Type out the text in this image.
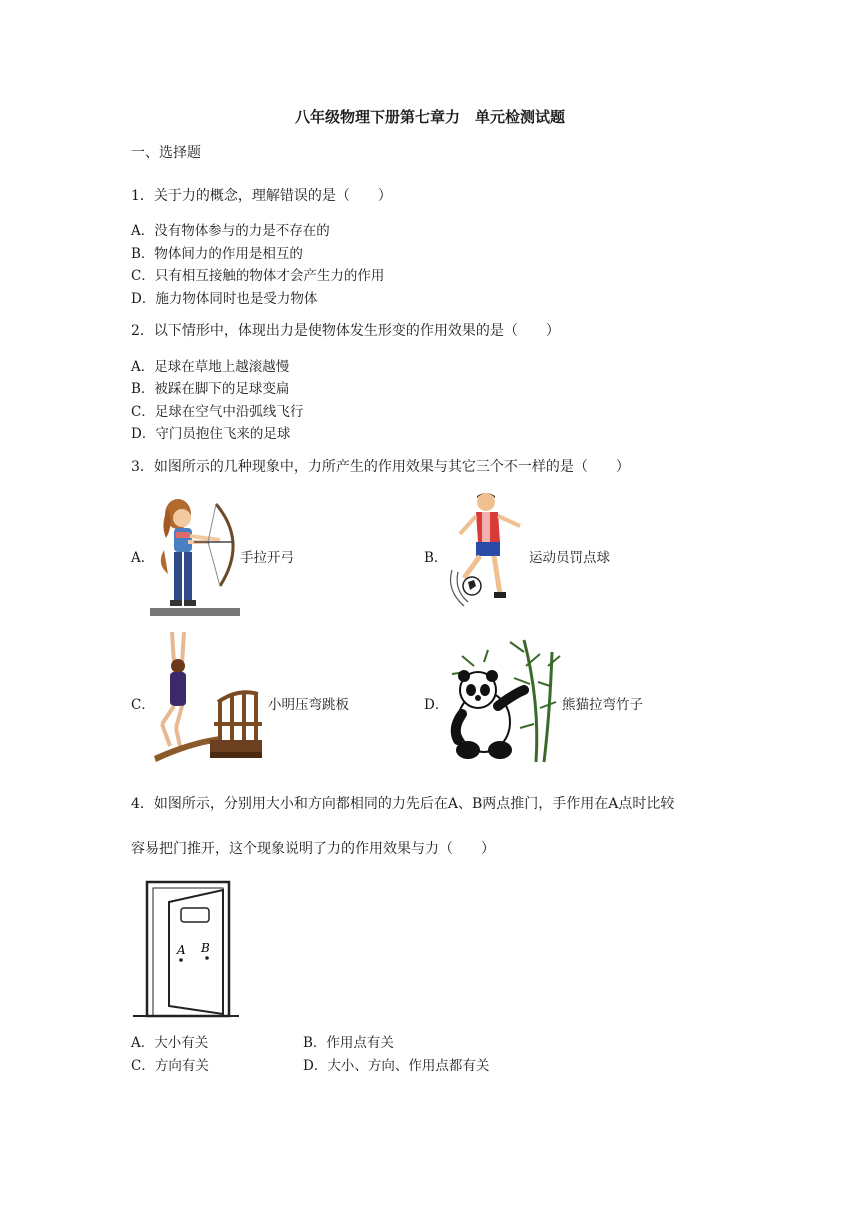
八年级物理下册第七章力　单元检测试题
一、选择题
1．关于力的概念，理解错误的是（　　）
A．没有物体参与的力是不存在的
B．物体间力的作用是相互的
C．只有相互接触的物体才会产生力的作用
D．施力物体同时也是受力物体
2．以下情形中，体现出力是使物体发生形变的作用效果的是（　　）
A．足球在草地上越滚越慢
B．被踩在脚下的足球变扁
C．足球在空气中沿弧线飞行
D．守门员抱住飞来的足球
3．如图所示的几种现象中，力所产生的作用效果与其它三个不一样的是（　　）
A．	手拉开弓	B．	运动员罚点球
C．	小明压弯跳板	D．	熊猫拉弯竹子
4．如图所示，分别用大小和方向都相同的力先后在A、B两点推门，手作用在A点时比较
容易把门推开，这个现象说明了力的作用效果与力（　　）
A B
A．大小有关	B．作用点有关
C．方向有关	D．大小、方向、作用点都有关
